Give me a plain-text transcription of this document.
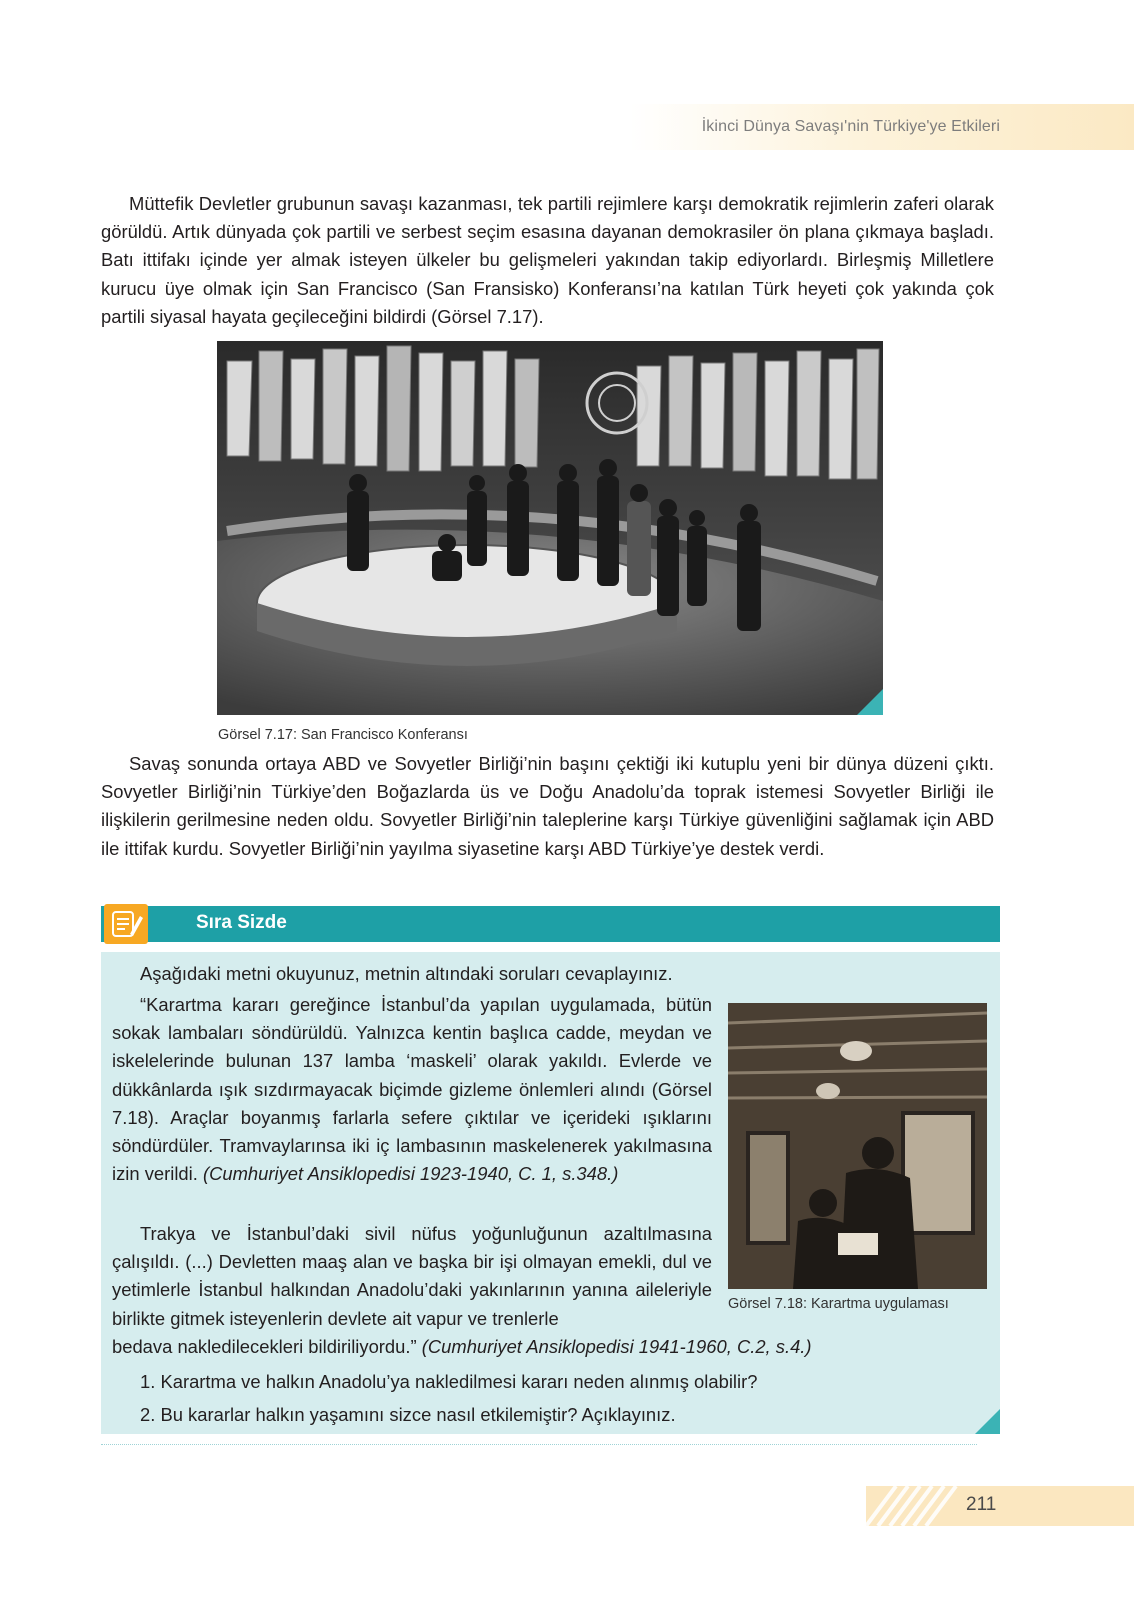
İkinci Dünya Savaşı'nin Türkiye'ye Etkileri

Müttefik Devletler grubunun savaşı kazanması, tek partili rejimlere karşı demokratik rejimlerin zaferi olarak görüldü. Artık dünyada çok partili ve serbest seçim esasına dayanan demokrasiler ön plana çıkmaya başladı. Batı ittifakı içinde yer almak isteyen ülkeler bu gelişmeleri yakından takip ediyorlardı. Birleşmiş Milletlere kurucu üye olmak için San Francisco (San Fransisko) Konferansı’na katılan Türk heyeti çok yakında çok partili siyasal hayata geçileceğini bildirdi (Görsel 7.17).

Görsel 7.17: San Francisco Konferansı

Savaş sonunda ortaya ABD ve Sovyetler Birliği’nin başını çektiği iki kutuplu yeni bir dünya düzeni çıktı. Sovyetler Birliği’nin Türkiye’den Boğazlarda üs ve Doğu Anadolu’da toprak istemesi Sovyetler Birliği ile ilişkilerin gerilmesine neden oldu. Sovyetler Birliği’nin taleplerine karşı Türkiye güvenliğini sağlamak için ABD ile ittifak kurdu. Sovyetler Birliği’nin yayılma siyasetine karşı ABD Türkiye’ye destek verdi.

Sıra Sizde

Aşağıdaki metni okuyunuz, metnin altındaki soruları cevaplayınız.

“Karartma kararı gereğince İstanbul’da yapılan uygulamada, bütün sokak lambaları söndürüldü. Yalnızca kentin başlıca cadde, meydan ve iskelelerinde bulunan 137 lamba ‘maskeli’ olarak yakıldı. Evlerde ve dükkânlarda ışık sızdırmayacak biçimde gizleme önlemleri alındı (Görsel 7.18). Araçlar boyanmış farlarla sefere çıktılar ve içerideki ışıklarını söndürdüler. Tramvaylarınsa iki iç lambasının maskelenerek yakılmasına izin verildi. (Cumhuriyet Ansiklopedisi 1923-1940, C. 1, s.348.)

Trakya ve İstanbul’daki sivil nüfus yoğunluğunun azaltılmasına çalışıldı. (...) Devletten maaş alan ve başka bir işi olmayan emekli, dul ve yetimlerle İstanbul halkından Anadolu’daki yakınlarının yanına aileleriyle birlikte gitmek isteyenlerin devlete ait vapur ve trenlerle

bedava nakledilecekleri bildiriliyordu.” (Cumhuriyet Ansiklopedisi 1941-1960, C.2, s.4.)

1. Karartma ve halkın Anadolu’ya nakledilmesi kararı neden alınmış olabilir?

2. Bu kararlar halkın yaşamını sizce nasıl etkilemiştir? Açıklayınız.

Görsel 7.18: Karartma uygulaması
211
